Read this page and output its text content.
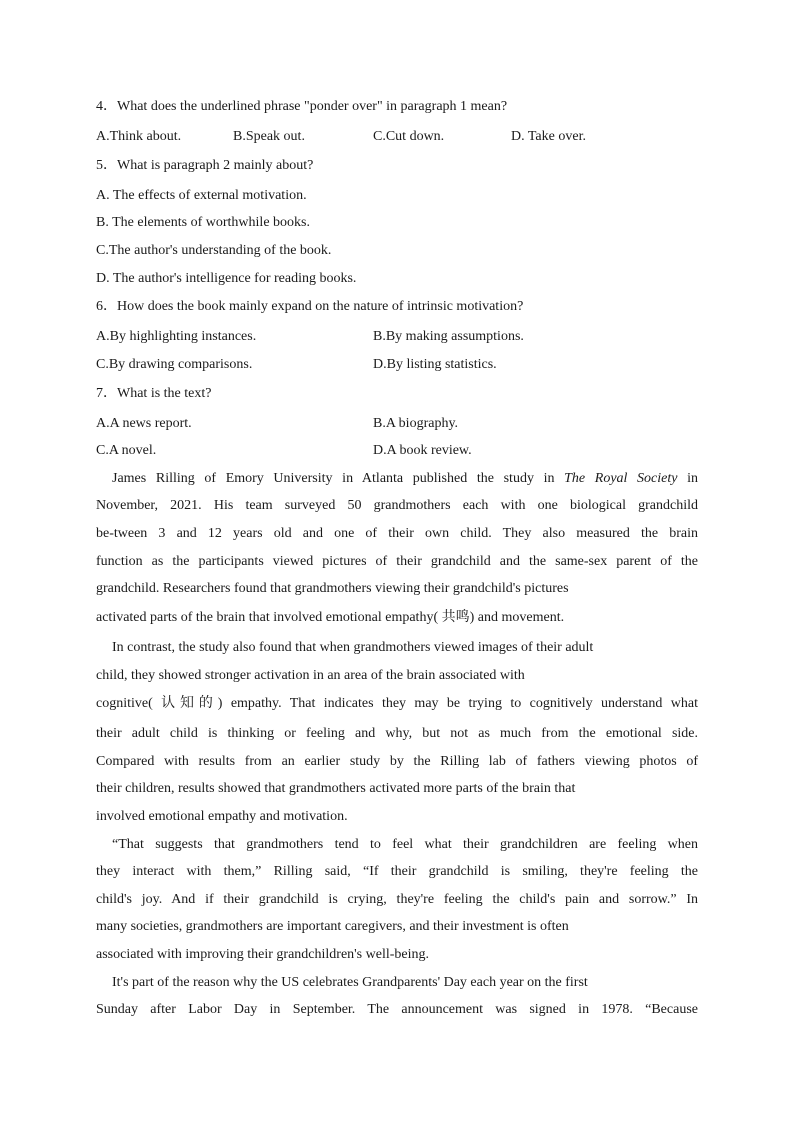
4．What does the underlined phrase "ponder over" in paragraph 1 mean?
A.Think about.	B.Speak out.	C.Cut down.	D. Take over.
5．What is paragraph 2 mainly about?
A. The effects of external motivation.
B. The elements of worthwhile books.
C.The author's understanding of the book.
D. The author's intelligence for reading books.
6．How does the book mainly expand on the nature of intrinsic motivation?
A.By highlighting instances.	B.By making assumptions.
C.By drawing comparisons.	D.By listing statistics.
7．What is the text?
A.A news report.	B.A biography.
C.A novel.	D.A book review.
James Rilling of Emory University in Atlanta published the study in The Royal Society in
November, 2021. His team surveyed 50 grandmothers each with one biological grandchild
be-tween 3 and 12 years old and one of their own child. They also measured the brain
function as the participants viewed pictures of their grandchild and the same-sex parent of the
grandchild. Researchers found that grandmothers viewing their grandchild's pictures
activated parts of the brain that involved emotional empathy( 共鸣) and movement.
In contrast, the study also found that when grandmothers viewed images of their adult
child, they showed stronger activation in an area of the brain associated with
cognitive( 认知的) empathy. That indicates they may be trying to cognitively understand what
their adult child is thinking or feeling and why, but not as much from the emotional side.
Compared with results from an earlier study by the Rilling lab of fathers viewing photos of
their children, results showed that grandmothers activated more parts of the brain that
involved emotional empathy and motivation.
“That suggests that grandmothers tend to feel what their grandchildren are feeling when
they interact with them,” Rilling said, “If their grandchild is smiling, they're feeling the
child's joy. And if their grandchild is crying, they're feeling the child's pain and sorrow.” In
many societies, grandmothers are important caregivers, and their investment is often
associated with improving their grandchildren's well-being.
It's part of the reason why the US celebrates Grandparents' Day each year on the first
Sunday after Labor Day in September. The announcement was signed in 1978. “Because
